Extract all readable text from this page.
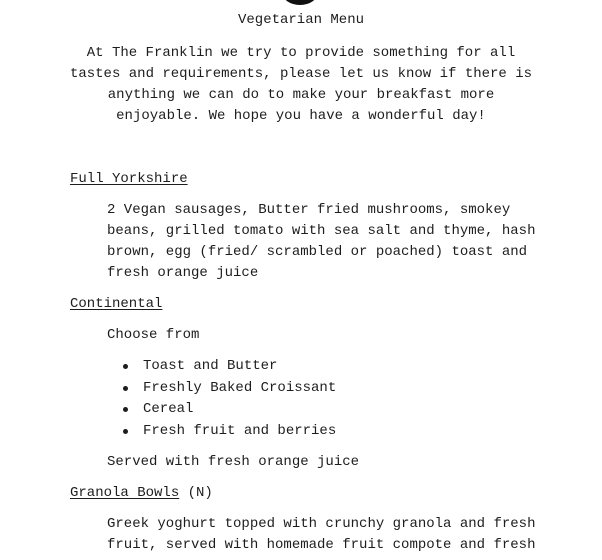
Vegetarian Menu

At The Franklin we try to provide something for all tastes and requirements, please let us know if there is anything we can do to make your breakfast more enjoyable. We hope you have a wonderful day!

Full Yorkshire

2 Vegan sausages, Butter fried mushrooms, smokey beans, grilled tomato with sea salt and thyme, hash brown, egg (fried/ scrambled or poached) toast and fresh orange juice

Continental

Choose from

Toast and Butter
Freshly Baked Croissant
Cereal
Fresh fruit and berries

Served with fresh orange juice

Granola Bowls (N)

Greek yoghurt topped with crunchy granola and fresh fruit, served with homemade fruit compote and fresh
